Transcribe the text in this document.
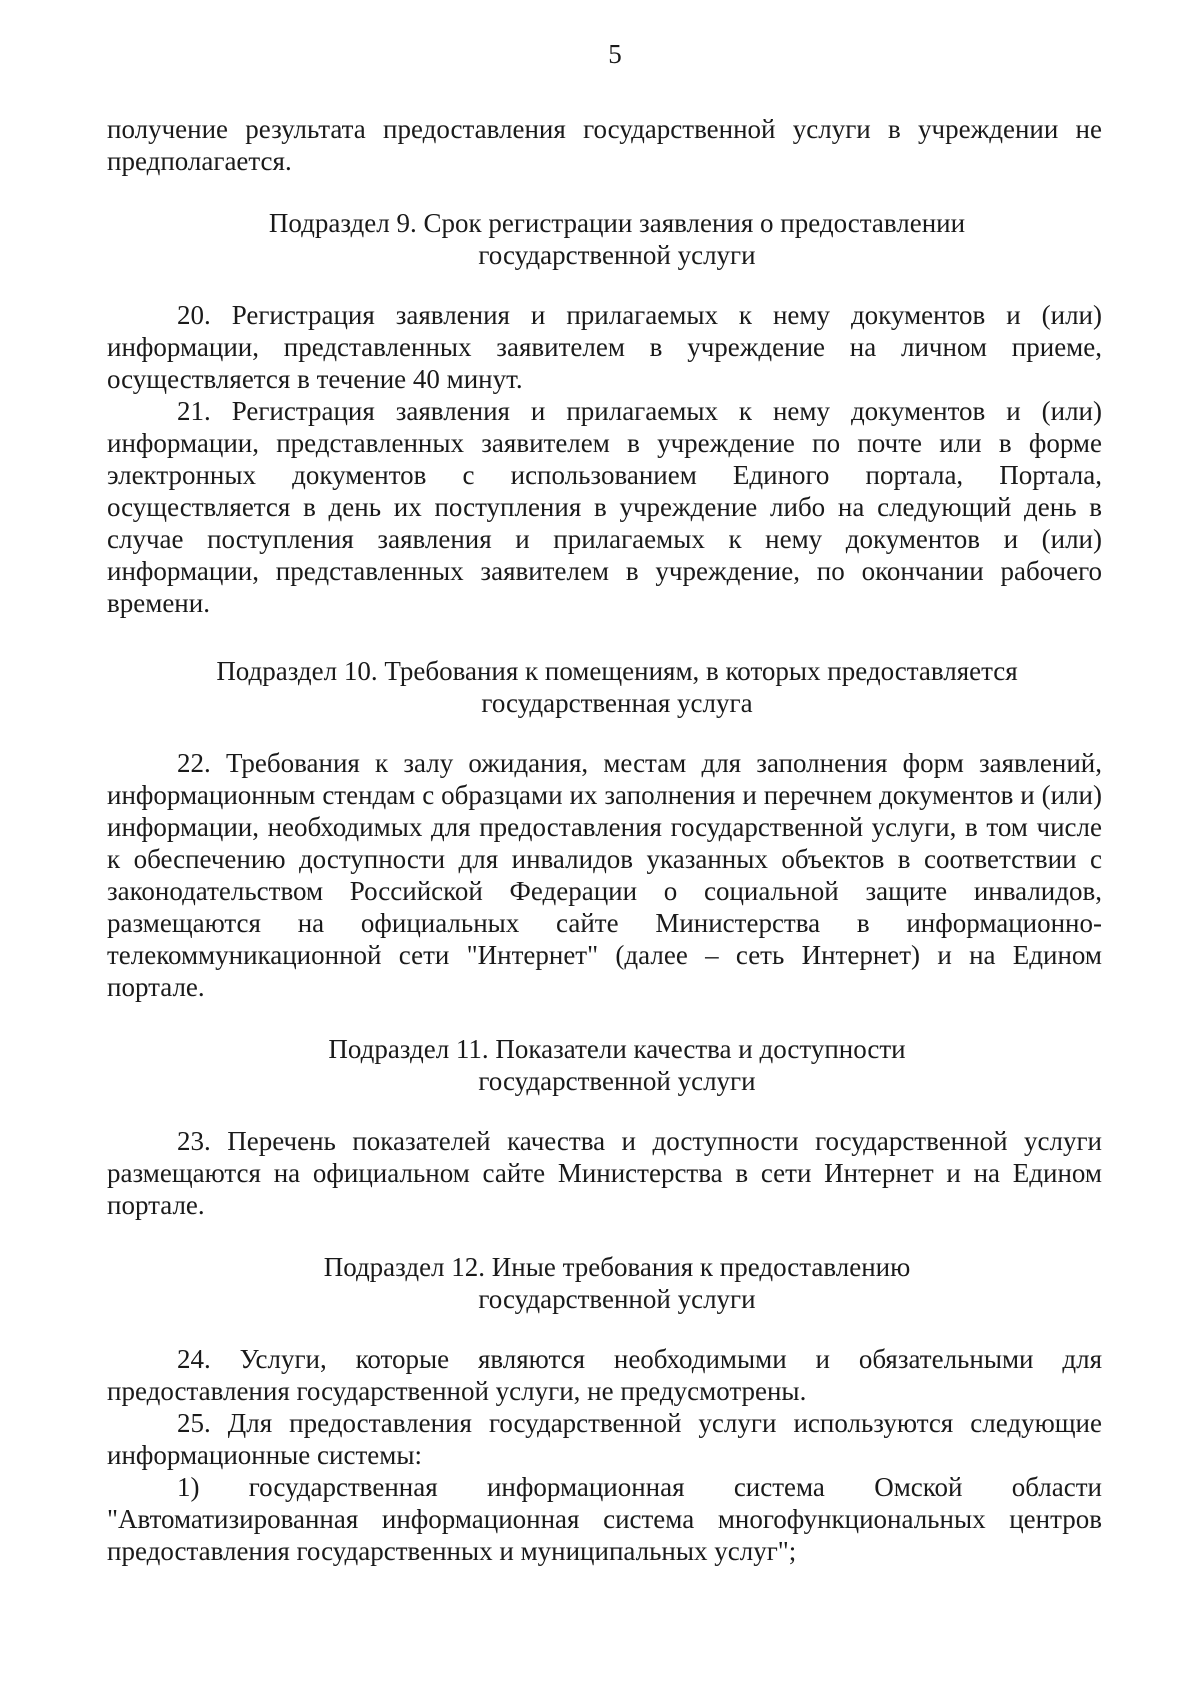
5

получение результата предоставления государственной услуги в учреждении не предполагается.

Подраздел 9. Срок регистрации заявления о предоставлении
государственной услуги

20. Регистрация заявления и прилагаемых к нему документов и (или) информации, представленных заявителем в учреждение на личном приеме, осуществляется в течение 40 минут.

21. Регистрация заявления и прилагаемых к нему документов и (или) информации, представленных заявителем в учреждение по почте или в форме электронных документов с использованием Единого портала, Портала, осуществляется в день их поступления в учреждение либо на следующий день в случае поступления заявления и прилагаемых к нему документов и (или) информации, представленных заявителем в учреждение, по окончании рабочего времени.

Подраздел 10. Требования к помещениям, в которых предоставляется
государственная услуга

22. Требования к залу ожидания, местам для заполнения форм заявлений, информационным стендам с образцами их заполнения и перечнем документов и (или) информации, необходимых для предоставления государственной услуги, в том числе к обеспечению доступности для инвалидов указанных объектов в соответствии с законодательством Российской Федерации о социальной защите инвалидов, размещаются на официальных сайте Министерства в информационно-телекоммуникационной сети "Интернет" (далее – сеть Интернет) и на Едином портале.

Подраздел 11. Показатели качества и доступности
государственной услуги

23. Перечень показателей качества и доступности государственной услуги размещаются на официальном сайте Министерства в сети Интернет и на Едином портале.

Подраздел 12. Иные требования к предоставлению
государственной услуги

24. Услуги, которые являются необходимыми и обязательными для предоставления государственной услуги, не предусмотрены.

25. Для предоставления государственной услуги используются следующие информационные системы:

1) государственная информационная система Омской области "Автоматизированная информационная система многофункциональных центров предоставления государственных и муниципальных услуг";
